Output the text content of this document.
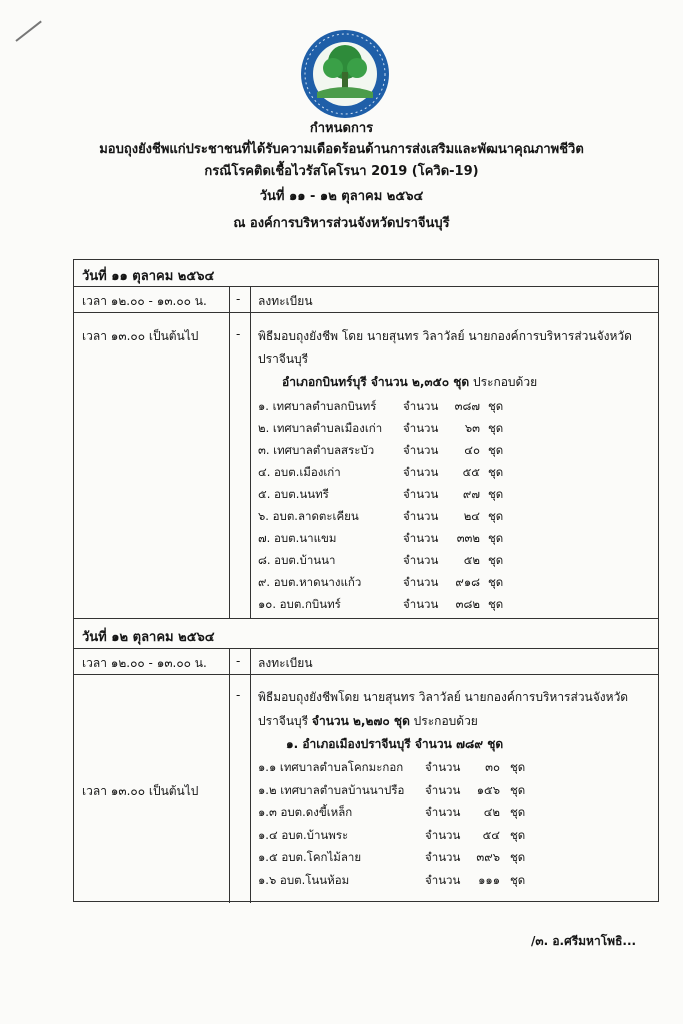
กำหนดการ
มอบถุงยังชีพแก่ประชาชนที่ได้รับความเดือดร้อนด้านการส่งเสริมและพัฒนาคุณภาพชีวิต
กรณีโรคติดเชื้อไวรัสโคโรนา 2019 (โควิด-19)
วันที่ ๑๑ - ๑๒ ตุลาคม ๒๕๖๔
ณ องค์การบริหารส่วนจังหวัดปราจีนบุรี
วันที่ ๑๑ ตุลาคม ๒๕๖๔
เวลา ๑๒.๐๐ - ๑๓.๐๐ น. - ลงทะเบียน
เวลา ๑๓.๐๐ เป็นต้นไป	- พิธีมอบถุงยังชีพ โดย นายสุนทร วิลาวัลย์ นายกองค์การบริหารส่วนจังหวัด
ปราจีนบุรี
อำเภอกบินทร์บุรี จำนวน ๒,๓๕๐ ชุด ประกอบด้วย
๑. เทศบาลตำบลกบินทร์ จำนวน	๓๘๗ ชุด
๒. เทศบาลตำบลเมืองเก่า จำนวน	๖๓ ชุด
๓. เทศบาลตำบลสระบัว	จำนวน	๔๐ ชุด
๔. อบต.เมืองเก่า	จำนวน	๕๕ ชุด
๕. อบต.นนทรี	จำนวน	๙๗ ชุด
๖. อบต.ลาดตะเคียน	จำนวน	๒๔ ชุด
๗. อบต.นาแขม	จำนวน	๓๓๒ ชุด
๘. อบต.บ้านนา	จำนวน	๕๒ ชุด
๙. อบต.หาดนางแก้ว	จำนวน	๙๑๘ ชุด
๑๐. อบต.กบินทร์	จำนวน	๓๘๒ ชุด
วันที่ ๑๒ ตุลาคม ๒๕๖๔
เวลา ๑๒.๐๐ - ๑๓.๐๐ น. - ลงทะเบียน
เวลา ๑๓.๐๐ เป็นต้นไป
- พิธีมอบถุงยังชีพโดย นายสุนทร วิลาวัลย์ นายกองค์การบริหารส่วนจังหวัด
ปราจีนบุรี จำนวน ๒,๒๗๐ ชุด ประกอบด้วย
๑. อำเภอเมืองปราจีนบุรี จำนวน ๗๘๙ ชุด
๑.๑ เทศบาลตำบลโคกมะกอก จำนวน	๓๐ ชุด
๑.๒ เทศบาลตำบลบ้านนาปรือ จำนวน	๑๕๖ ชุด
๑.๓ อบต.ดงขี้เหล็ก	จำนวน	๔๒ ชุด
๑.๔ อบต.บ้านพระ	จำนวน	๕๔ ชุด
๑.๕ อบต.โคกไม้ลาย	จำนวน	๓๙๖ ชุด
๑.๖ อบต.โนนห้อม	จำนวน	๑๑๑ ชุด
/๓. อ.ศรีมหาโพธิ...
